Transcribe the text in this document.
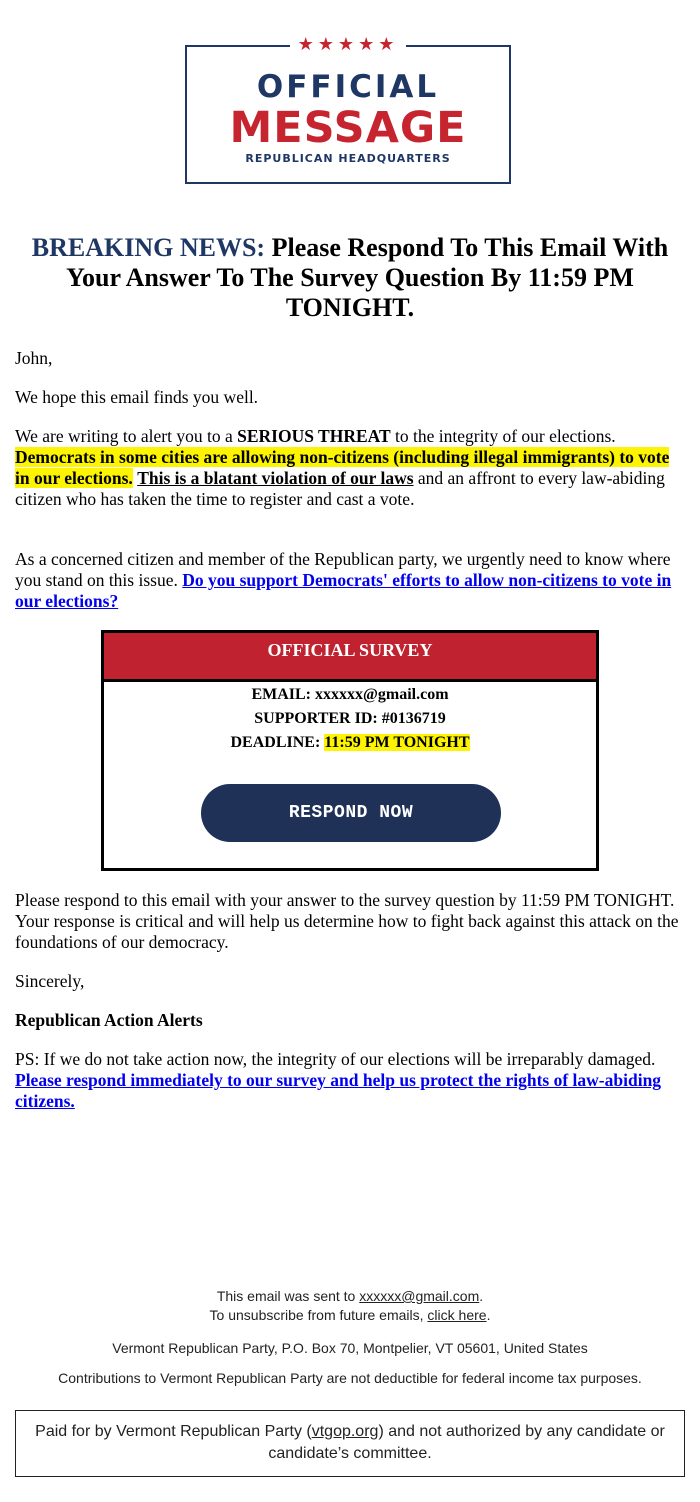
★★★★★
OFFICIAL
MESSAGE
REPUBLICAN HEADQUARTERS
BREAKING NEWS: Please Respond To This Email With Your Answer To The Survey Question By 11:59 PM TONIGHT.

John,

We hope this email finds you well.

We are writing to alert you to a SERIOUS THREAT to the integrity of our elections. Democrats in some cities are allowing non-citizens (including illegal immigrants) to vote in our elections. This is a blatant violation of our laws and an affront to every law-abiding citizen who has taken the time to register and cast a vote.

As a concerned citizen and member of the Republican party, we urgently need to know where you stand on this issue. Do you support Democrats' efforts to allow non-citizens to vote in our elections?

OFFICIAL SURVEY
EMAIL: xxxxxx@gmail.com
SUPPORTER ID: #0136719
DEADLINE: 11:59 PM TONIGHT
RESPOND NOW

Please respond to this email with your answer to the survey question by 11:59 PM TONIGHT. Your response is critical and will help us determine how to fight back against this attack on the foundations of our democracy.

Sincerely,

Republican Action Alerts

PS: If we do not take action now, the integrity of our elections will be irreparably damaged. Please respond immediately to our survey and help us protect the rights of law-abiding citizens.

This email was sent to xxxxxx@gmail.com.
To unsubscribe from future emails, click here.
Vermont Republican Party, P.O. Box 70, Montpelier, VT 05601, United States
Contributions to Vermont Republican Party are not deductible for federal income tax purposes.
Paid for by Vermont Republican Party (vtgop.org) and not authorized by any candidate or candidate’s committee.
